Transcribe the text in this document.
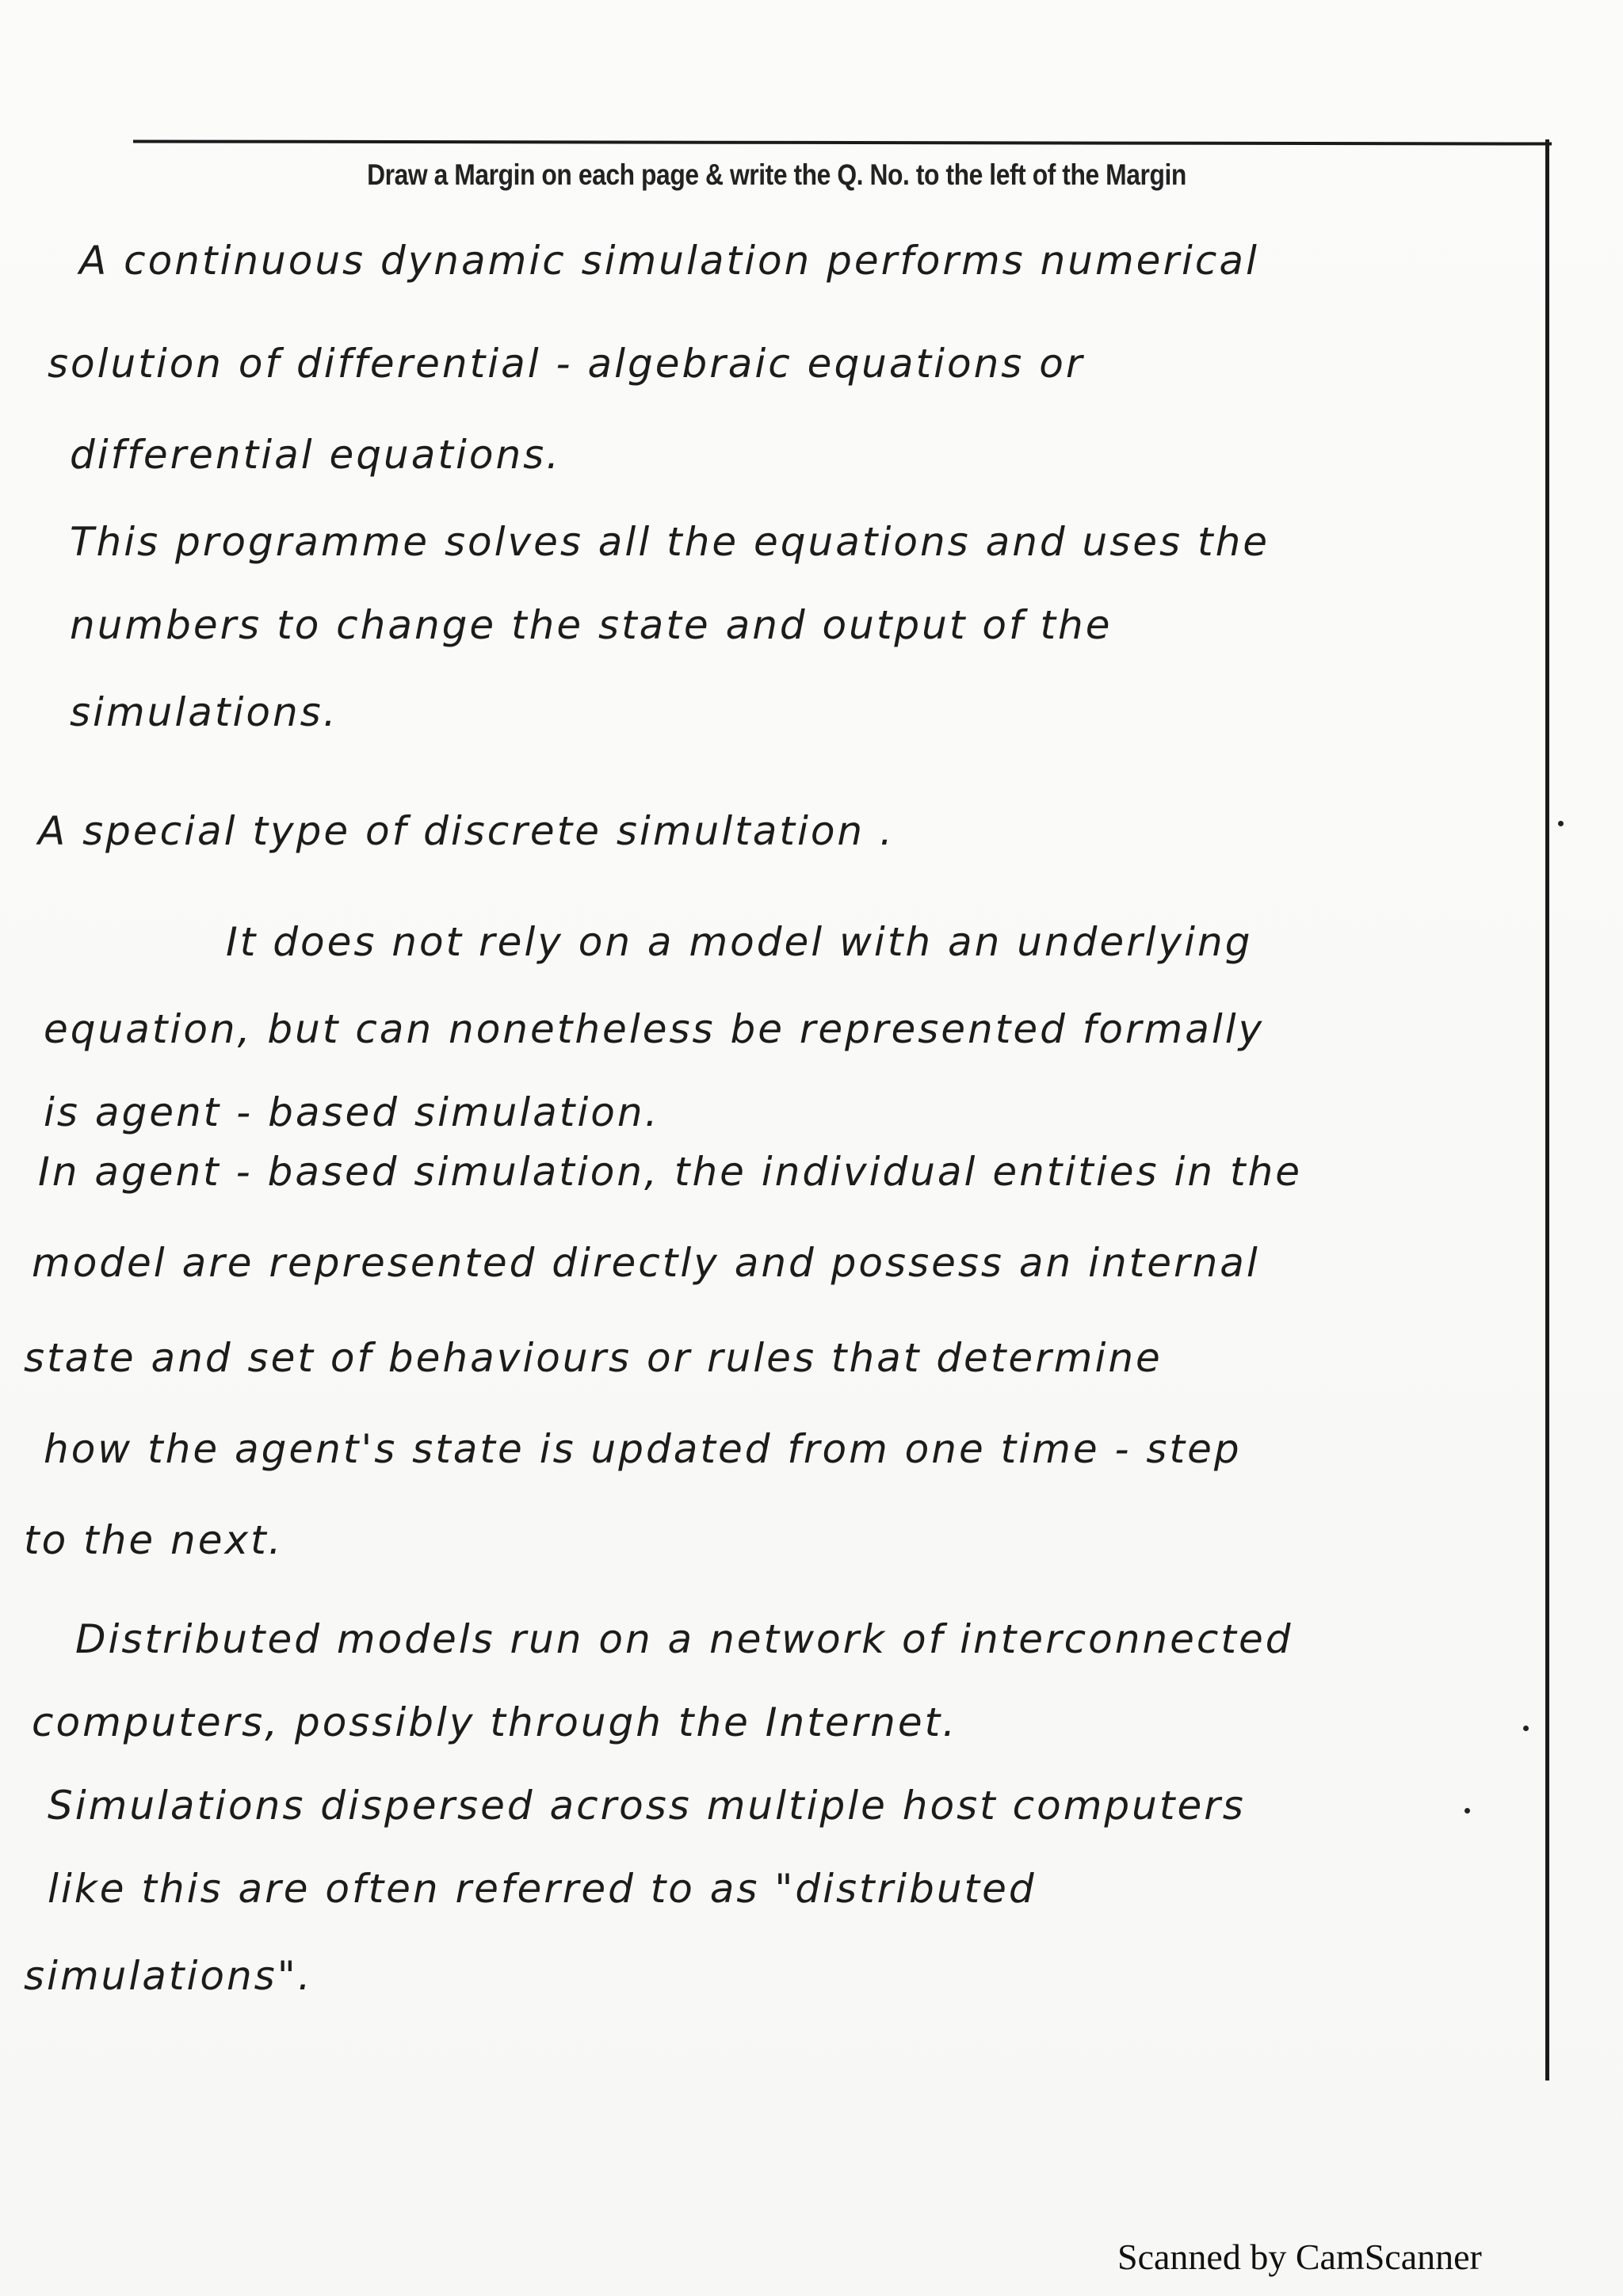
Draw a Margin on each page & write the Q. No. to the left of the Margin
A continuous dynamic simulation performs numerical
solution of differential - algebraic equations or
differential equations.
This programme solves all the equations and uses the
numbers to change the state and output of the
simulations.
A special type of discrete simultation .
It does not rely on a model with an underlying
equation, but can nonetheless be represented formally
is agent - based simulation.
In agent - based simulation, the individual entities in the
model are represented directly and possess an internal
state and set of behaviours or rules that determine
how the agent's state is updated from one time - step
to the next.
Distributed models run on a network of interconnected
computers, possibly through the Internet.
Simulations dispersed across multiple host computers
like this are often referred to as "distributed
simulations".
Scanned by CamScanner
